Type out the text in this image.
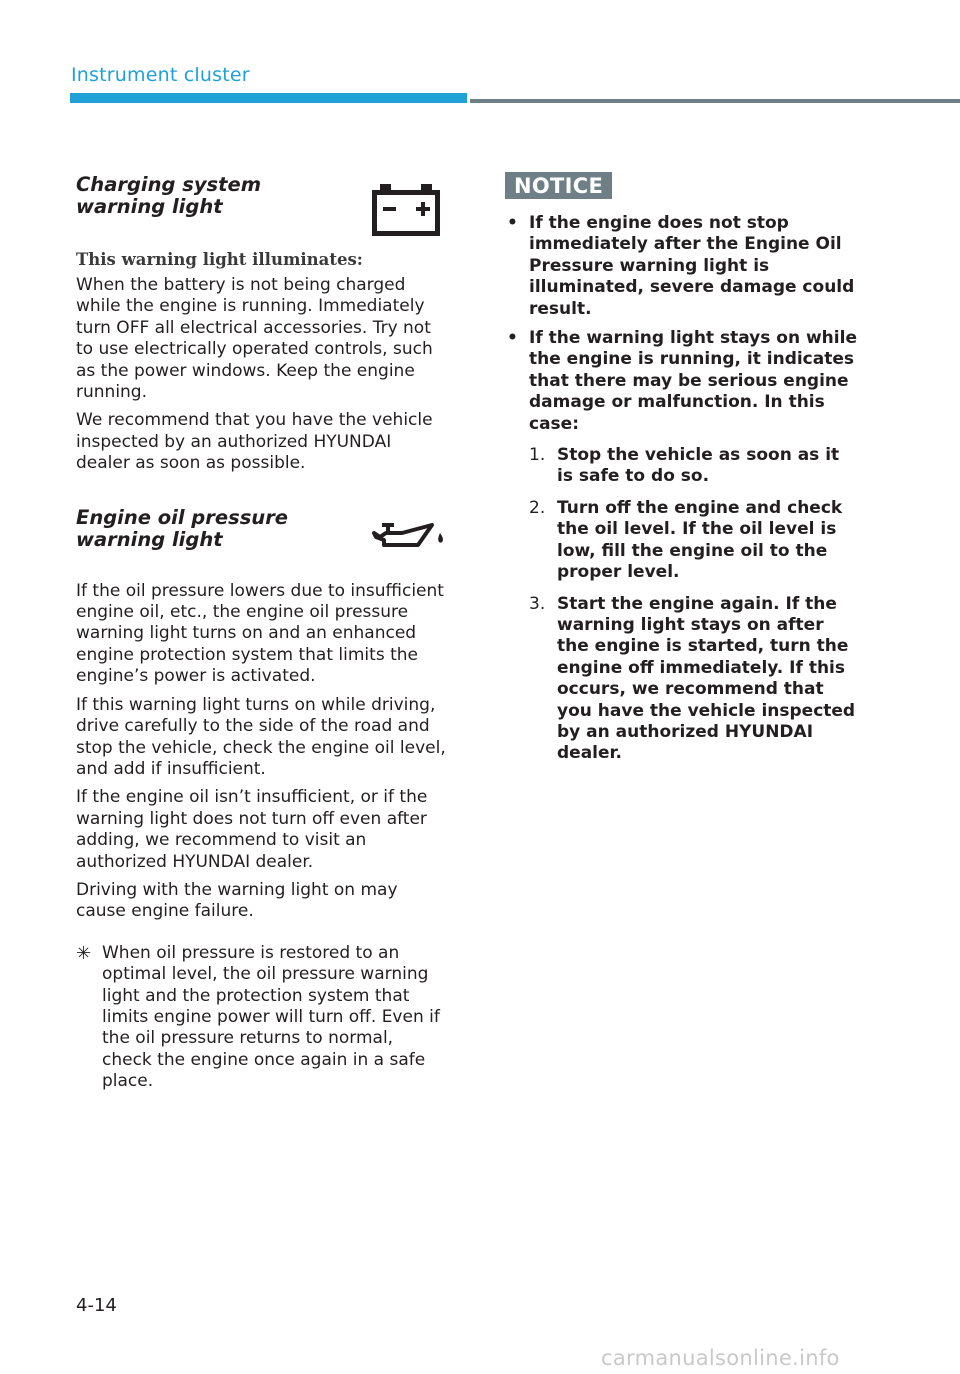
Instrument cluster
Charging system warning light
This warning light illuminates:

When the battery is not being charged while the engine is running. Immediately turn OFF all electrical accessories. Try not to use electrically operated controls, such as the power windows. Keep the engine running.

We recommend that you have the vehicle inspected by an authorized HYUNDAI dealer as soon as possible.

Engine oil pressure warning light

If the oil pressure lowers due to insufficient engine oil, etc., the engine oil pressure warning light turns on and an enhanced engine protection system that limits the engine’s power is activated.

If this warning light turns on while driving, drive carefully to the side of the road and stop the vehicle, check the engine oil level, and add if insufficient.

If the engine oil isn’t insufficient, or if the warning light does not turn off even after adding, we recommend to visit an authorized HYUNDAI dealer.

Driving with the warning light on may cause engine failure.

✳ When oil pressure is restored to an optimal level, the oil pressure warning light and the protection system that limits engine power will turn off. Even if the oil pressure returns to normal, check the engine once again in a safe place.
NOTICE
• If the engine does not stop immediately after the Engine Oil Pressure warning light is illuminated, severe damage could result.
• If the warning light stays on while the engine is running, it indicates that there may be serious engine damage or malfunction. In this case:
1. Stop the vehicle as soon as it is safe to do so.
2. Turn off the engine and check the oil level. If the oil level is low, fill the engine oil to the proper level.
3. Start the engine again. If the warning light stays on after the engine is started, turn the engine off immediately. If this occurs, we recommend that you have the vehicle inspected by an authorized HYUNDAI dealer.
4-14
carmanualsonline.info
